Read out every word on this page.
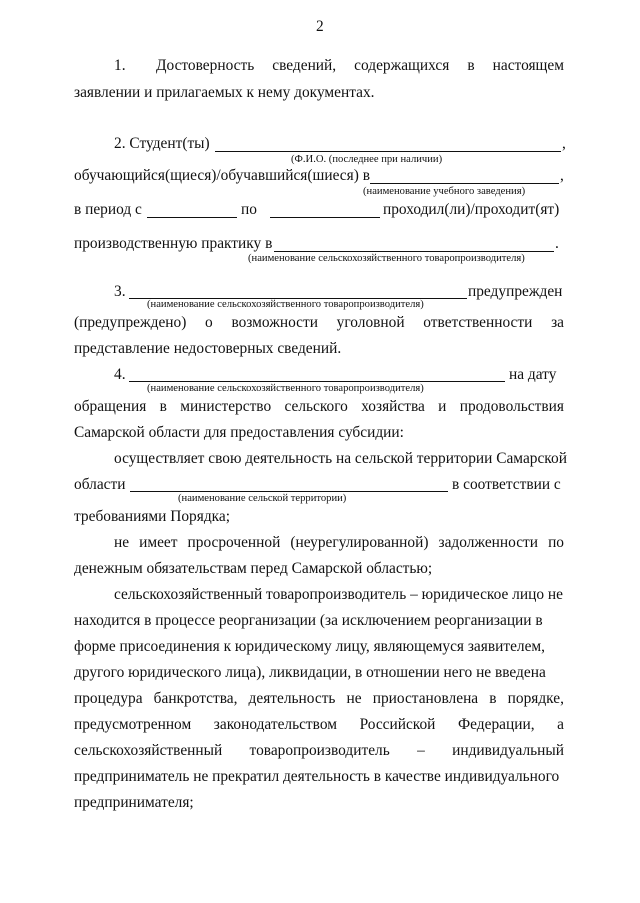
2
1. Достоверность сведений, содержащихся в настоящем
заявлении и прилагаемых к нему документах.
2. Студент(ты)	,
(Ф.И.О. (последнее при наличии)
обучающийся(щиеся)/обучавшийся(шиеся) в	,
(наименование учебного заведения)
в период с	по	проходил(ли)/проходит(ят)
производственную практику в	.
(наименование сельскохозяйственного товаропроизводителя)
3.	предупрежден
(наименование сельскохозяйственного товаропроизводителя)
(предупреждено) о возможности уголовной ответственности за
представление недостоверных сведений.
4.	на дату
(наименование сельскохозяйственного товаропроизводителя)
обращения в министерство сельского хозяйства и продовольствия
Самарской области для предоставления субсидии:
осуществляет свою деятельность на сельской территории Самарской
области	в соответствии с
(наименование сельской территории)
требованиями Порядка;
не имеет просроченной (неурегулированной) задолженности по
денежным обязательствам перед Самарской областью;
сельскохозяйственный товаропроизводитель – юридическое лицо не
находится в процессе реорганизации (за исключением реорганизации в
форме присоединения к юридическому лицу, являющемуся заявителем,
другого юридического лица), ликвидации, в отношении него не введена
процедура банкротства, деятельность не приостановлена в порядке,
предусмотренном законодательством Российской Федерации, а
сельскохозяйственный товаропроизводитель – индивидуальный
предприниматель не прекратил деятельность в качестве индивидуального
предпринимателя;
